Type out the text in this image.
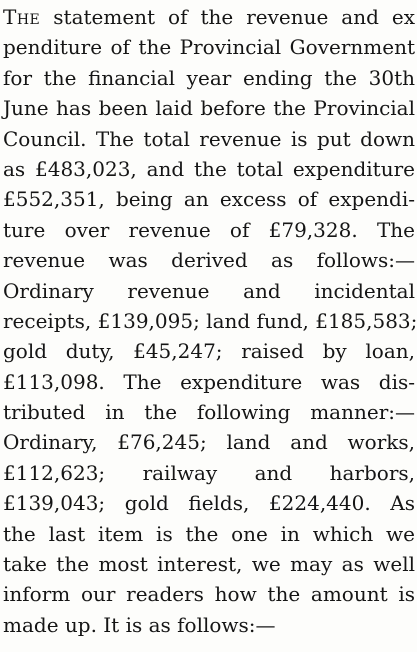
The statement of the revenue and ex
penditure of the Provincial Government
for the financial year ending the 30th
June has been laid before the Provincial
Council. The total revenue is put down
as £483,023, and the total expenditure
£552,351, being an excess of expendi-
ture over revenue of £79,328. The
revenue was derived as follows:—
Ordinary revenue and incidental
receipts, £139,095; land fund, £185,583;
gold duty, £45,247; raised by loan,
£113,098. The expenditure was dis-
tributed in the following manner:—
Ordinary, £76,245; land and works,
£112,623; railway and harbors,
£139,043; gold fields, £224,440. As
the last item is the one in which we
take the most interest, we may as well
inform our readers how the amount is
made up. It is as follows:—
